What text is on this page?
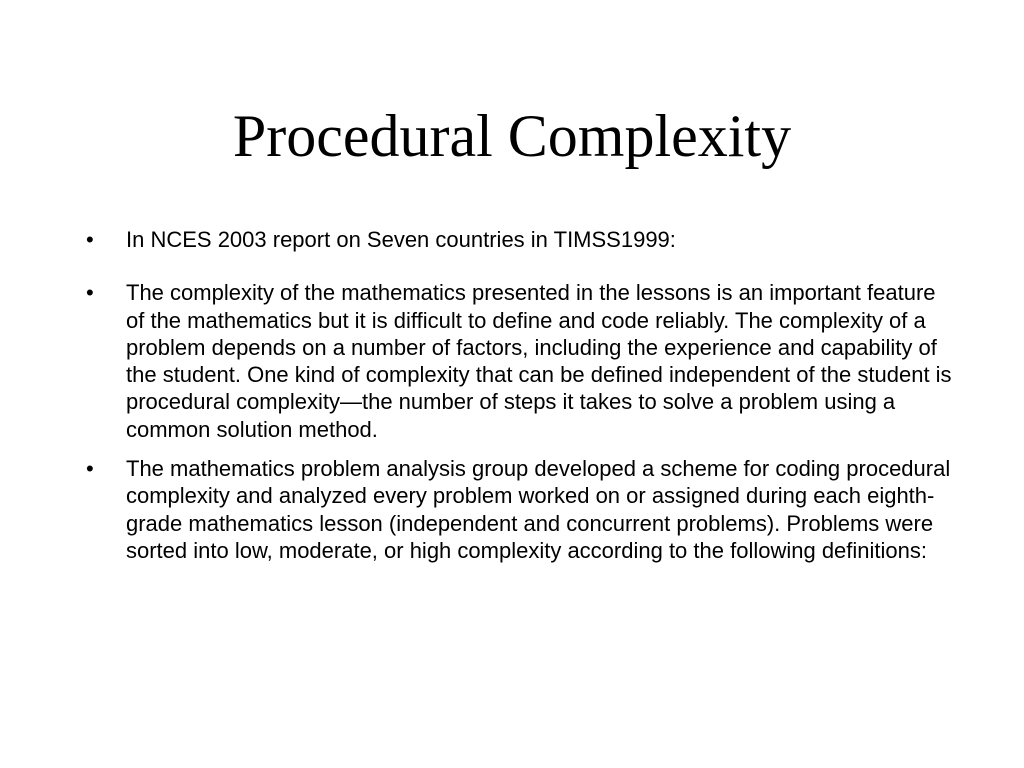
Procedural Complexity
•	In NCES 2003 report on Seven countries in TIMSS1999:
•	The complexity of the mathematics presented in the lessons is an important feature of the mathematics but it is difficult to define and code reliably. The complexity of a problem depends on a number of factors, including the experience and capability of the student. One kind of complexity that can be defined independent of the student is procedural complexity—the number of steps it takes to solve a problem using a common solution method.
•	The mathematics problem analysis group developed a scheme for coding procedural complexity and analyzed every problem worked on or assigned during each eighth-grade mathematics lesson (independent and concurrent problems). Problems were sorted into low, moderate, or high complexity according to the following definitions:
